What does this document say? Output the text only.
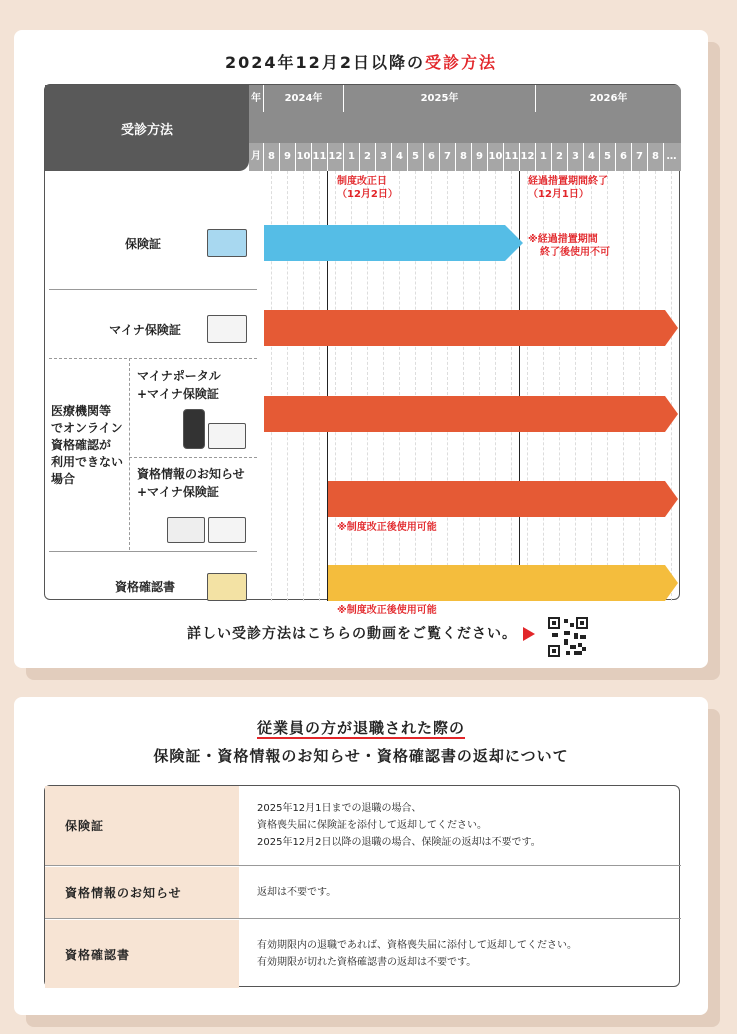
2024年12月2日以降の受診方法
受診方法
年	2024年	2025年	2026年
月 8 9 10 11 12 1 2 3 4 5 6 7 8 9 10 11 12 1 2 3 4 5 6 7 8 …
制度改正日
（12月2日）
経過措置期間終了
（12月1日）
保険証
マイナ保険証
医療機関等
でオンライン
資格確認が
利用できない
場合
マイナポータル
+マイナ保険証
資格情報のお知らせ
+マイナ保険証
資格確認書
※経過措置期間
終了後使用不可
※制度改正後使用可能
※制度改正後使用可能
詳しい受診方法はこちらの動画をご覧ください。
従業員の方が退職された際の
保険証・資格情報のお知らせ・資格確認書の返却について
保険証
2025年12月1日までの退職の場合、
資格喪失届に保険証を添付して返却してください。
2025年12月2日以降の退職の場合、保険証の返却は不要です。
資格情報のお知らせ	返却は不要です。
資格確認書
有効期限内の退職であれば、資格喪失届に添付して返却してください。
有効期限が切れた資格確認書の返却は不要です。
